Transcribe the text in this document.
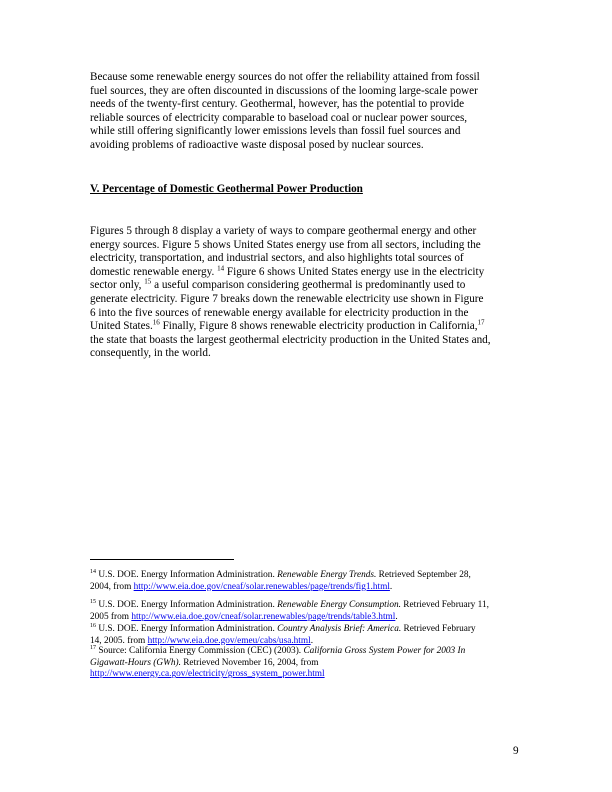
Because some renewable energy sources do not offer the reliability attained from fossil
fuel sources, they are often discounted in discussions of the looming large-scale power
needs of the twenty-first century. Geothermal, however, has the potential to provide
reliable sources of electricity comparable to baseload coal or nuclear power sources,
while still offering significantly lower emissions levels than fossil fuel sources and
avoiding problems of radioactive waste disposal posed by nuclear sources.

V. Percentage of Domestic Geothermal Power Production

Figures 5 through 8 display a variety of ways to compare geothermal energy and other
energy sources. Figure 5 shows United States energy use from all sectors, including the
electricity, transportation, and industrial sectors, and also highlights total sources of
domestic renewable energy. $^{14}$ Figure 6 shows United States energy use in the electricity
sector only, $^{15}$ a useful comparison considering geothermal is predominantly used to
generate electricity. Figure 7 breaks down the renewable electricity use shown in Figure
6 into the five sources of renewable energy available for electricity production in the
United States.$^{16}$ Finally, Figure 8 shows renewable electricity production in California,$^{17}$
the state that boasts the largest geothermal electricity production in the United States and,
consequently, in the world.

$^{14}$ U.S. DOE. Energy Information Administration. Renewable Energy Trends. Retrieved September 28,
2004, from http://www.eia.doe.gov/cneaf/solar.renewables/page/trends/fig1.html.

$^{15}$ U.S. DOE. Energy Information Administration. Renewable Energy Consumption. Retrieved February 11,
2005 from http://www.eia.doe.gov/cneaf/solar.renewables/page/trends/table3.html.

$^{16}$ U.S. DOE. Energy Information Administration. Country Analysis Brief: America. Retrieved February
14, 2005. from http://www.eia.doe.gov/emeu/cabs/usa.html.

$^{17}$ Source: California Energy Commission (CEC) (2003). California Gross System Power for 2003 In
Gigawatt-Hours (GWh). Retrieved November 16, 2004, from
http://www.energy.ca.gov/electricity/gross_system_power.html

9
